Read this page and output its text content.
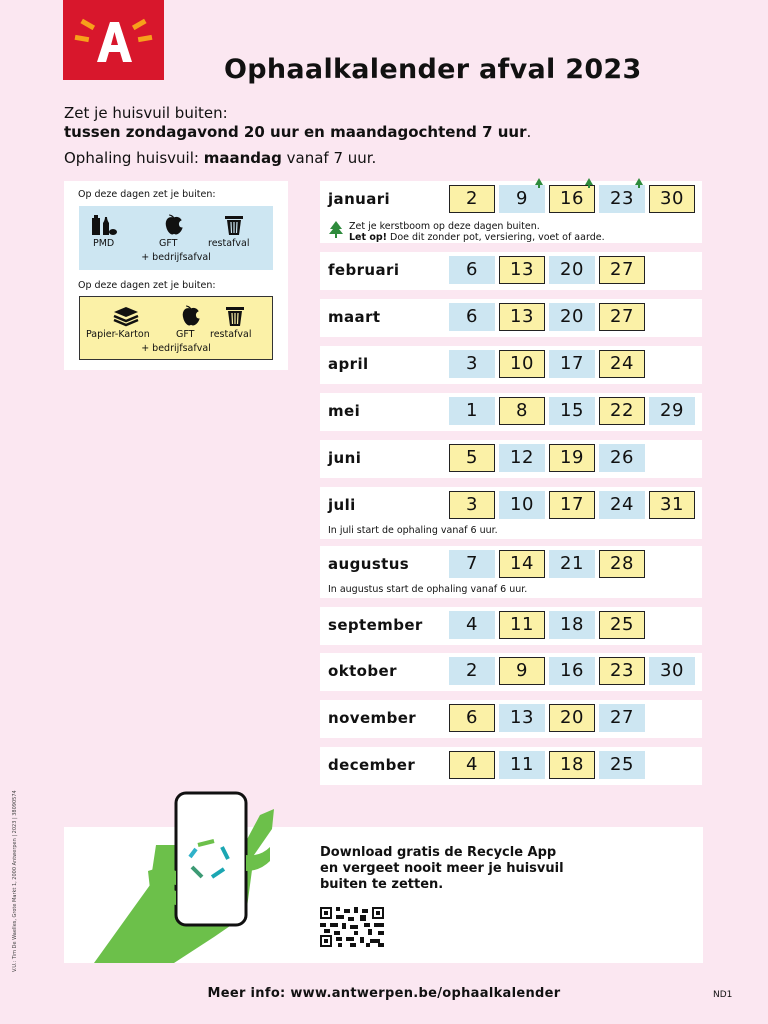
Ophaalkalender afval 2023
Zet je huisvuil buiten:
tussen zondagavond 20 uur en maandagochtend 7 uur.
Ophaling huisvuil: maandag vanaf 7 uur.
Op deze dagen zet je buiten:
PMD	GFT	restafval
+ bedrijfsafval
Op deze dagen zet je buiten:
Papier-Karton	GFT restafval
+ bedrijfsafval
januari	2	9	16	23	30
Zet je kerstboom op deze dagen buiten.
Let op! Doe dit zonder pot, versiering, voet of aarde.
februari	6	13	20	27
maart	6	13	20	27
april	3	10	17	24
mei	1	8	15	22	29
juni	5	12	19	26
juli	3	10	17	24	31
In juli start de ophaling vanaf 6 uur.
augustus	7	14	21	28
In augustus start de ophaling vanaf 6 uur.
september	4	11	18	25
oktober	2	9	16	23	30
november	6	13	20	27
december	4	11	18	25
Download gratis de Recycle App
en vergeet nooit meer je huisvuil
buiten te zetten.
Meer info: www.antwerpen.be/ophaalkalender	ND1
V.U.: Tim De Waelles, Grote Markt 1, 2000 Antwerpen | 2023 | 38090574
